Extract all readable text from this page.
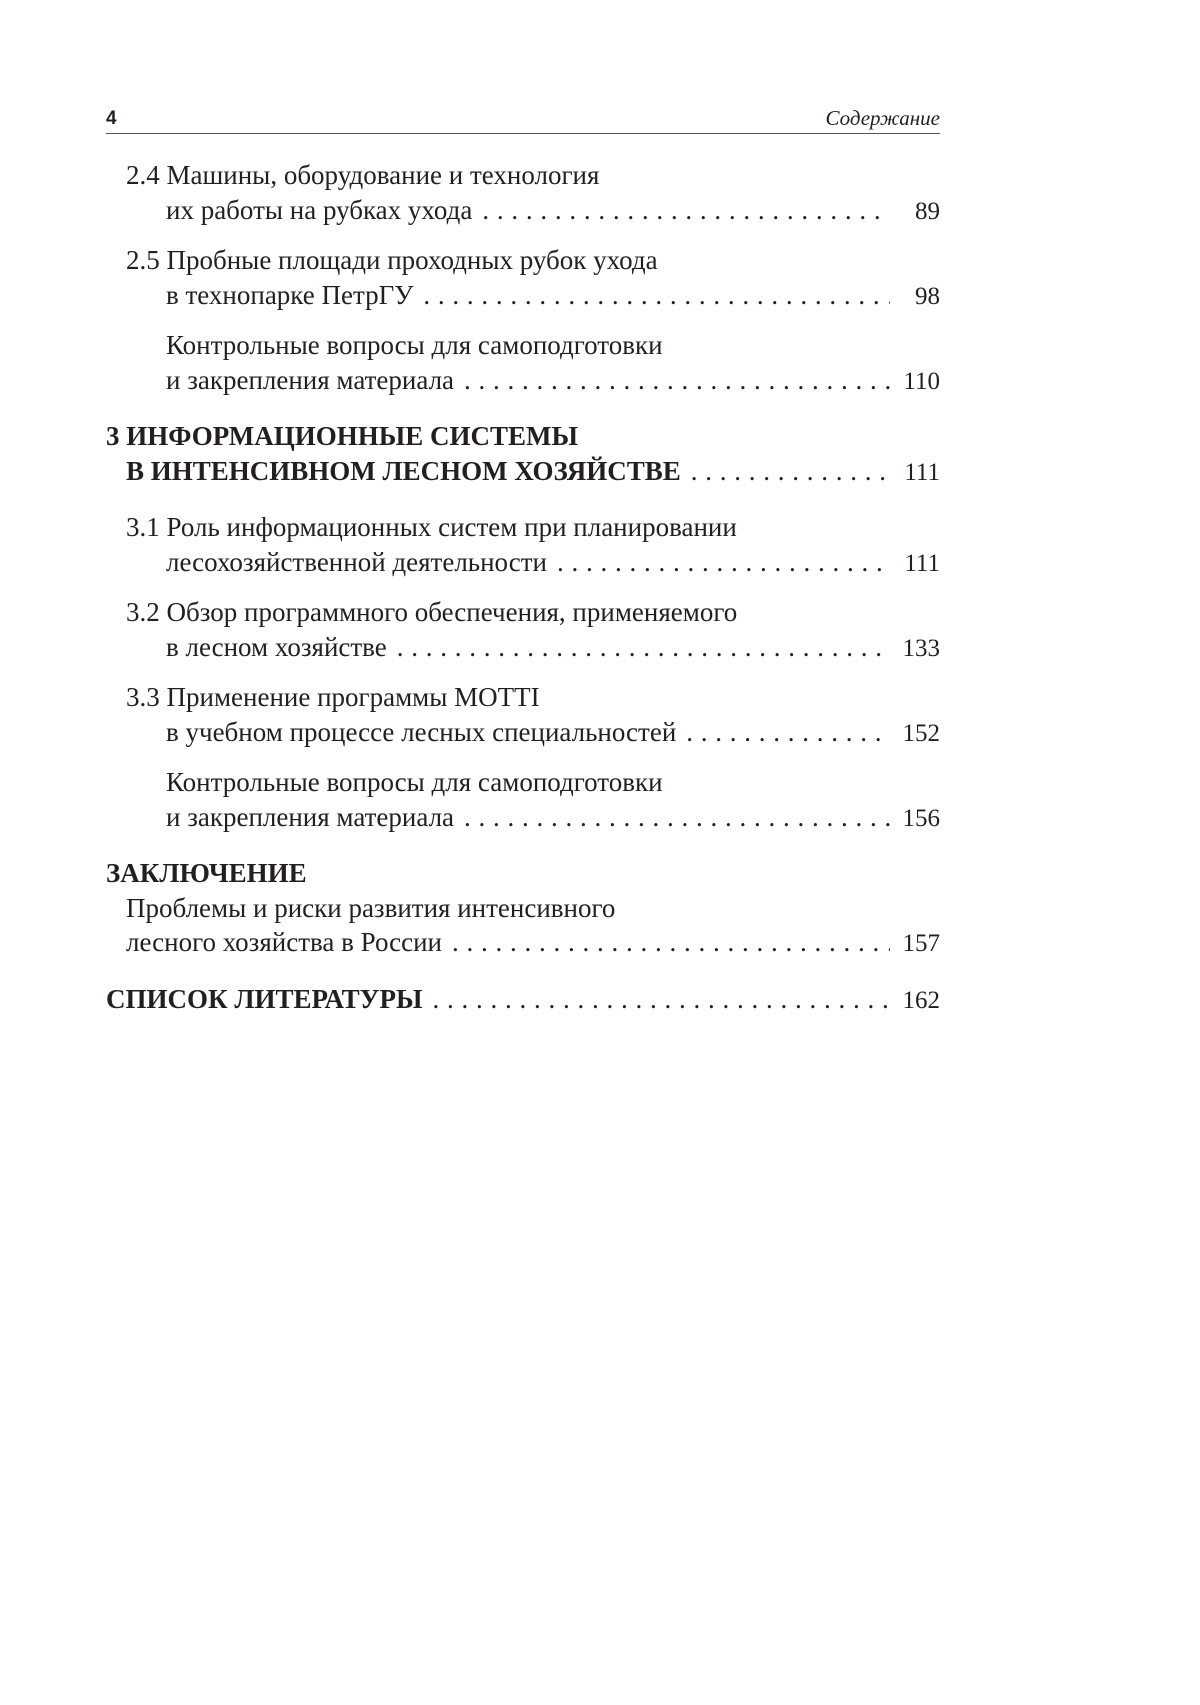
4	Содержание
2.4 Машины, оборудование и технология
их работы на рубках ухода . . .	89
2.5 Пробные площади проходных рубок ухода
в технопарке ПетрГУ . . .	98
Контрольные вопросы для самоподготовки
и закрепления материала . . .	110
3 ИНФОРМАЦИОННЫЕ СИСТЕМЫ
В ИНТЕНСИВНОМ ЛЕСНОМ ХОЗЯЙСТВЕ . . .	111
3.1 Роль информационных систем при планировании
лесохозяйственной деятельности . . .	111
3.2 Обзор программного обеспечения, применяемого
в лесном хозяйстве . . .	133
3.3 Применение программы MOTTI
в учебном процессе лесных специальностей . . .	152
Контрольные вопросы для самоподготовки
и закрепления материала . . .	156
ЗАКЛЮЧЕНИЕ
Проблемы и риски развития интенсивного
лесного хозяйства в России . . .	157
СПИСОК ЛИТЕРАТУРЫ . . .	162
